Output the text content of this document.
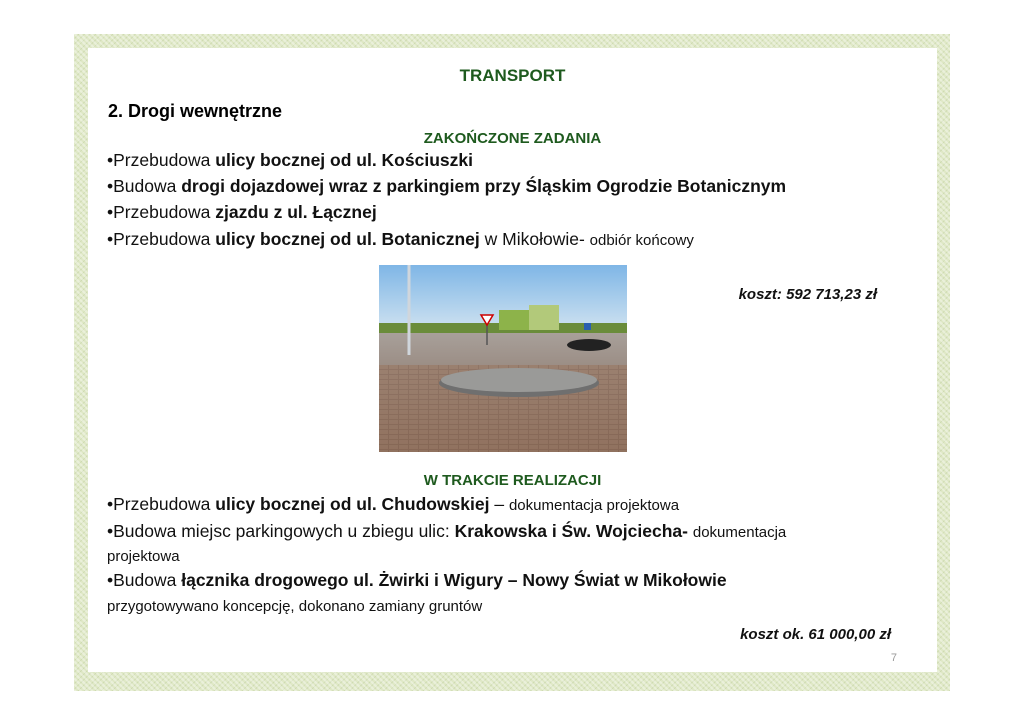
TRANSPORT
2. Drogi wewnętrzne
ZAKOŃCZONE ZADANIA
•Przebudowa ulicy bocznej od ul. Kościuszki
•Budowa drogi dojazdowej wraz z parkingiem przy Śląskim Ogrodzie Botanicznym
•Przebudowa zjazdu z ul. Łącznej
•Przebudowa ulicy bocznej od ul. Botanicznej w Mikołowie- odbiór końcowy
koszt: 592 713,23 zł
W TRAKCIE REALIZACJI
•Przebudowa ulicy bocznej od ul. Chudowskiej – dokumentacja projektowa
•Budowa miejsc parkingowych u zbiegu ulic: Krakowska i Św. Wojciecha- dokumentacja
projektowa
•Budowa łącznika drogowego ul. Żwirki i Wigury – Nowy Świat w Mikołowie
przygotowywano koncepcję, dokonano zamiany gruntów
koszt ok. 61 000,00 zł
7
